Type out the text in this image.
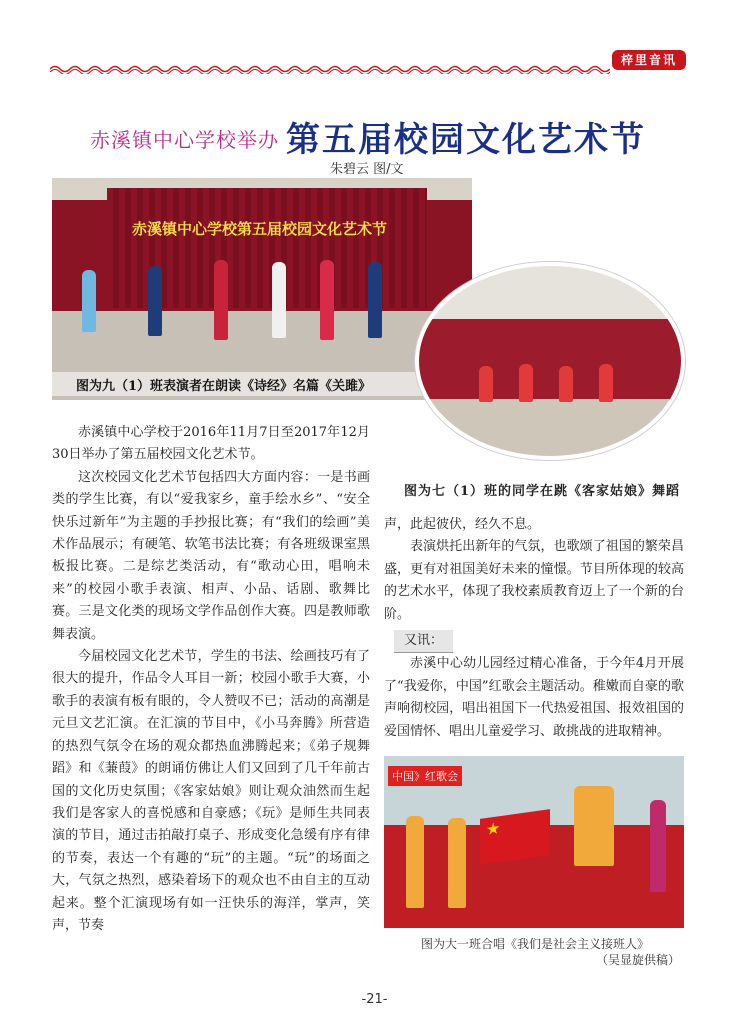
梓里音讯
赤溪镇中心学校举办 第五届校园文化艺术节
朱碧云 图/文
赤溪镇中心学校第五届校园文化艺术节
图为九（1）班表演者在朗读《诗经》名篇《关雎》
图为七（1）班的同学在跳《客家姑娘》舞蹈

赤溪镇中心学校于2016年11月7日至2017年12月30日举办了第五届校园文化艺术节。

这次校园文化艺术节包括四大方面内容：一是书画类的学生比赛，有以“爱我家乡，童手绘水乡”、“安全快乐过新年”为主题的手抄报比赛；有“我们的绘画”美术作品展示；有硬笔、软笔书法比赛；有各班级课室黑板报比赛。二是综艺类活动，有“歌动心田，唱响未来”的校园小歌手表演、相声、小品、话剧、歌舞比赛。三是文化类的现场文学作品创作大赛。四是教师歌舞表演。

今届校园文化艺术节，学生的书法、绘画技巧有了很大的提升，作品令人耳目一新；校园小歌手大赛，小歌手的表演有板有眼的，令人赞叹不已；活动的高潮是元旦文艺汇演。在汇演的节目中，《小马奔腾》所营造的热烈气氛令在场的观众都热血沸腾起来；《弟子规舞蹈》和《蒹葭》的朗诵仿佛让人们又回到了几千年前古国的文化历史氛围；《客家姑娘》则让观众油然而生起我们是客家人的喜悦感和自豪感；《玩》是师生共同表演的节目，通过击拍敲打桌子、形成变化急缓有序有律的节奏，表达一个有趣的“玩”的主题。“玩”的场面之大，气氛之热烈，感染着场下的观众也不由自主的互动起来。整个汇演现场有如一汪快乐的海洋，掌声，笑声，节奏

声，此起彼伏，经久不息。

表演烘托出新年的气氛，也歌颂了祖国的繁荣昌盛，更有对祖国美好未来的憧憬。节目所体现的较高的艺术水平，体现了我校素质教育迈上了一个新的台阶。

又讯：

赤溪中心幼儿园经过精心准备，于今年4月开展了“我爱你，中国”红歌会主题活动。稚嫩而自豪的歌声响彻校园，唱出祖国下一代热爱祖国、报效祖国的爱国情怀、唱出儿童爱学习、敢挑战的进取精神。

中国》红歌会
★
图为大一班合唱《我们是社会主义接班人》
（吴显旋供稿）
-21-
